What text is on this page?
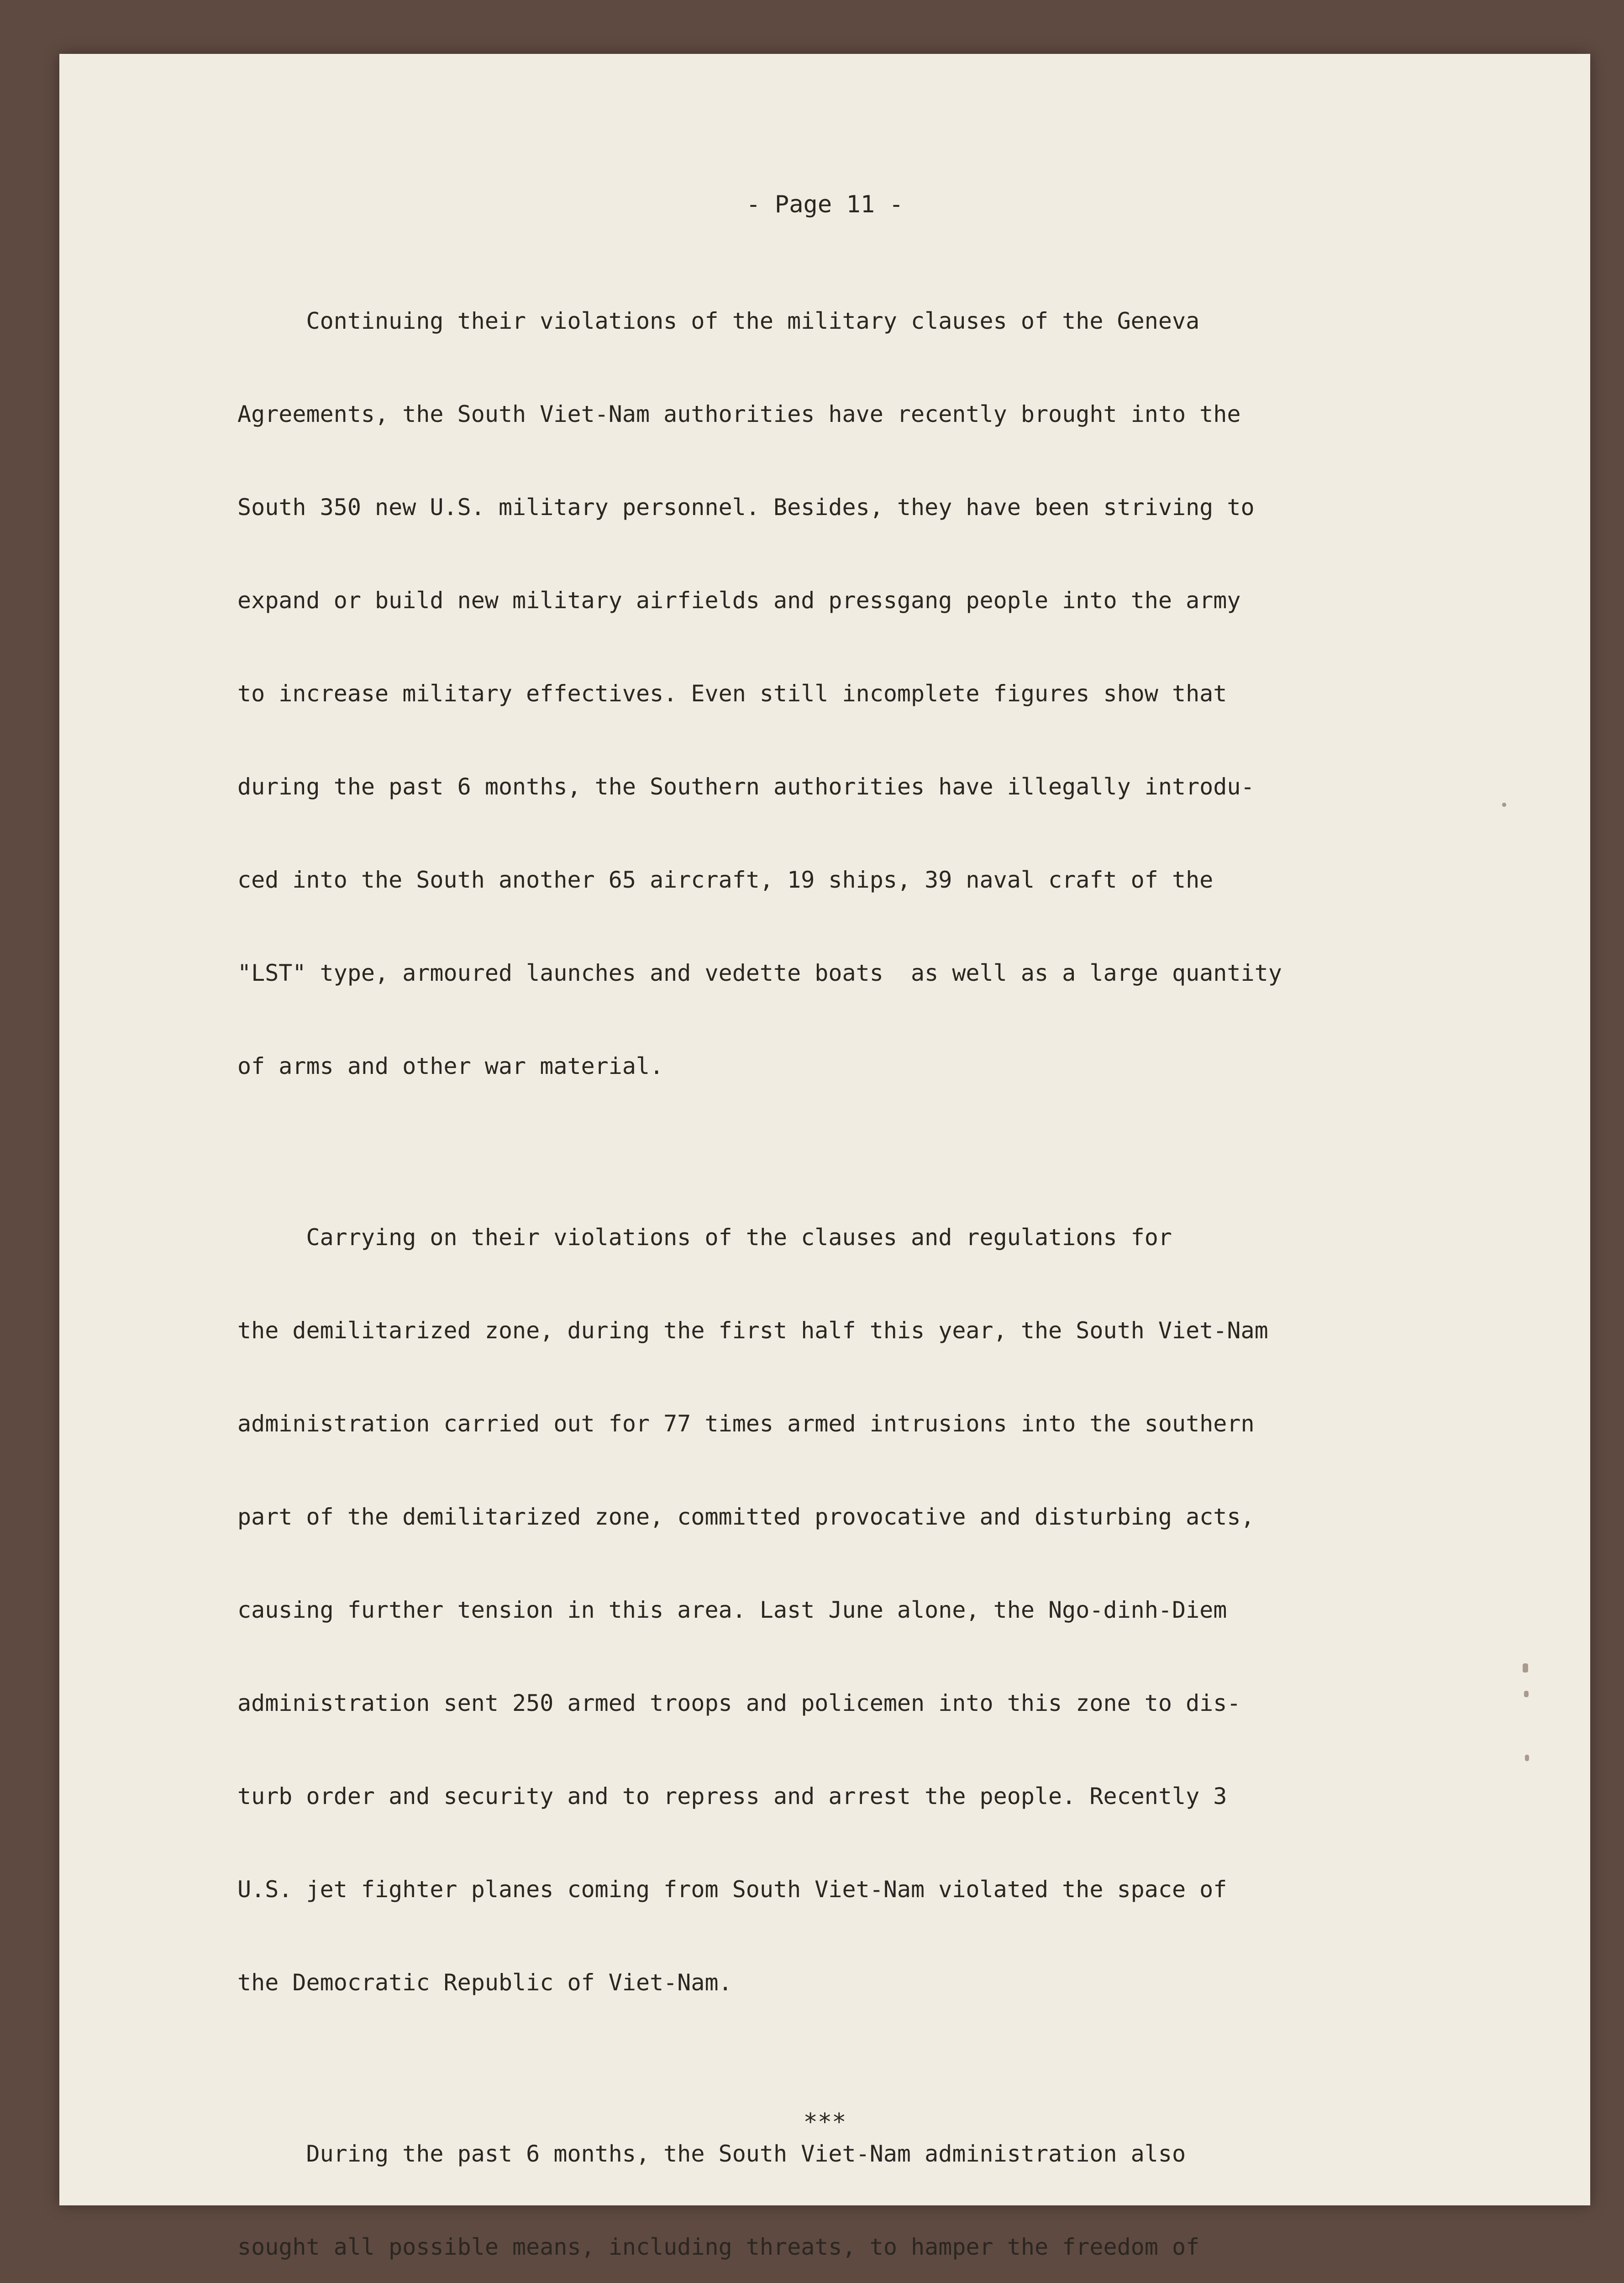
- Page 11 -

Continuing their violations of the military clauses of the Geneva

Agreements, the South Viet-Nam authorities have recently brought into the

South 350 new U.S. military personnel. Besides, they have been striving to

expand or build new military airfields and pressgang people into the army

to increase military effectives. Even still incomplete figures show that

during the past 6 months, the Southern authorities have illegally introdu-

ced into the South another 65 aircraft, 19 ships, 39 naval craft of the

"LST" type, armoured launches and vedette boats  as well as a large quantity

of arms and other war material.

Carrying on their violations of the clauses and regulations for

the demilitarized zone, during the first half this year, the South Viet-Nam

administration carried out for 77 times armed intrusions into the southern

part of the demilitarized zone, committed provocative and disturbing acts,

causing further tension in this area. Last June alone, the Ngo-dinh-Diem

administration sent 250 armed troops and policemen into this zone to dis-

turb order and security and to repress and arrest the people. Recently 3

U.S. jet fighter planes coming from South Viet-Nam violated the space of

the Democratic Republic of Viet-Nam.

During the past 6 months, the South Viet-Nam administration also

sought all possible means, including threats, to hamper the freedom of

***
